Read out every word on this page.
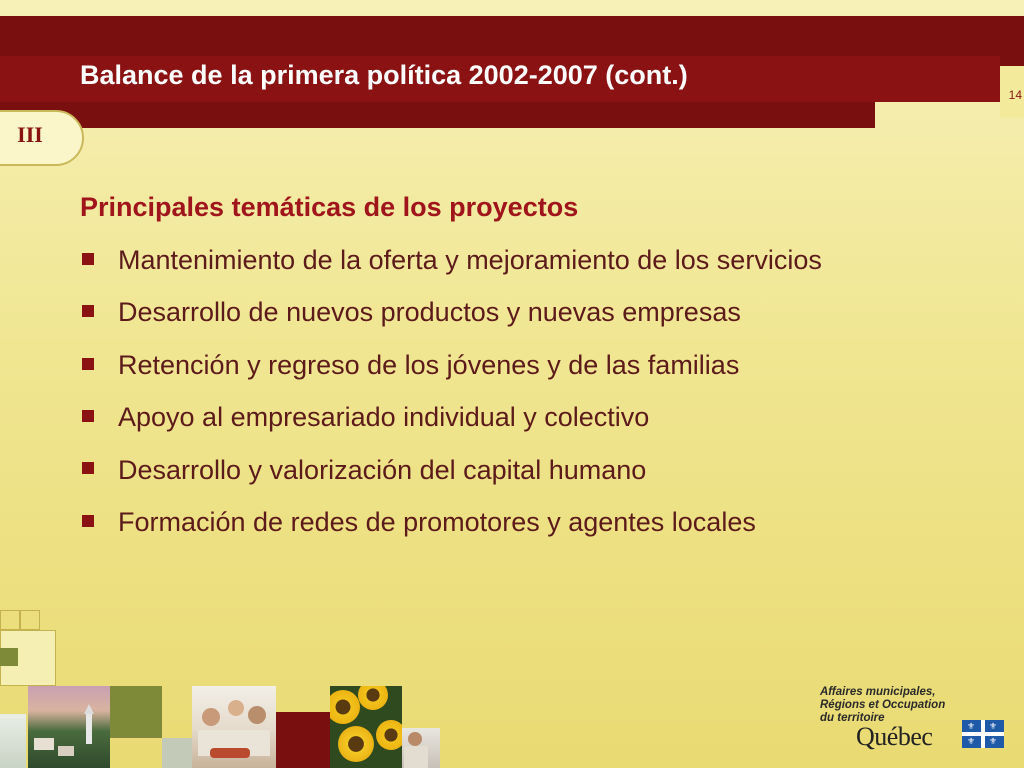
Balance de la primera política 2002-2007 (cont.)
14
III
Principales temáticas de los proyectos
Mantenimiento de la oferta y mejoramiento de los servicios
Desarrollo de nuevos productos y nuevas empresas
Retención y regreso de los jóvenes y de las familias
Apoyo al empresariado individual y colectivo
Desarrollo y valorización del capital humano
Formación de redes de promotores y agentes locales
Affaires municipales,
Régions et Occupation
du territoire
Québec	⚜ ⚜
⚜ ⚜
